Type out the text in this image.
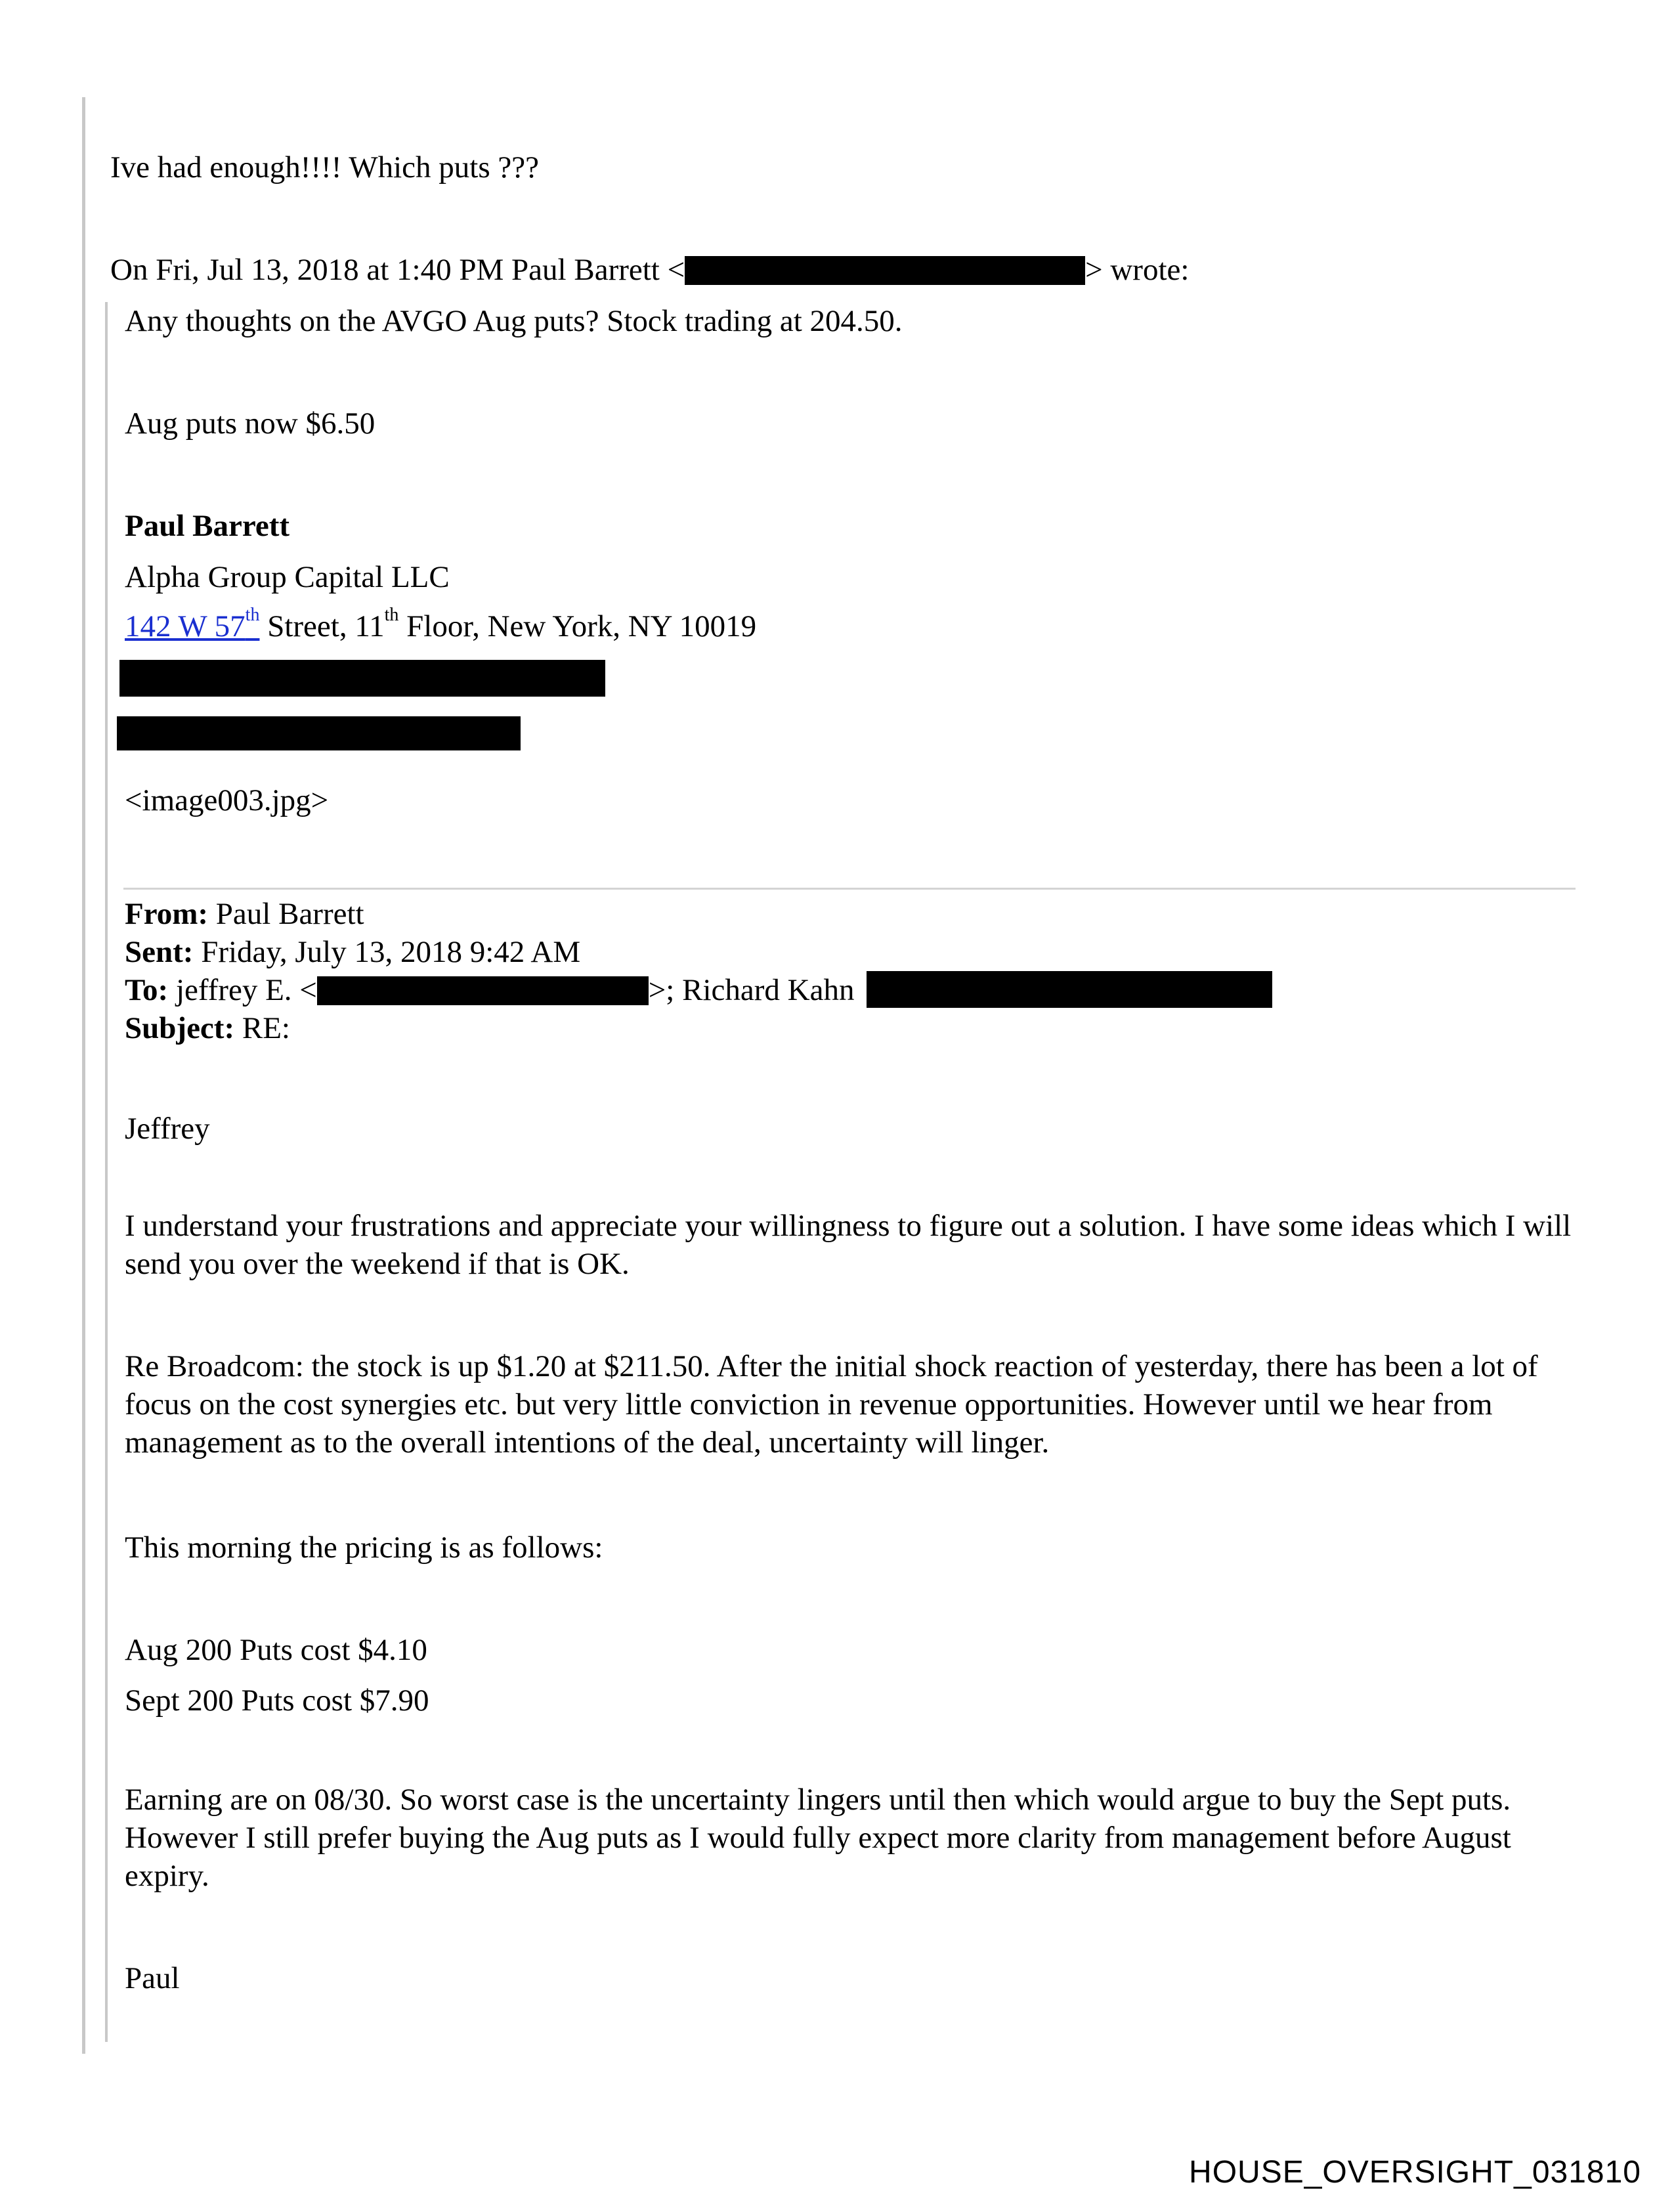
Ive had enough!!!! Which puts ???
On Fri, Jul 13, 2018 at 1:40 PM Paul Barrett <	> wrote:
Any thoughts on the AVGO Aug puts? Stock trading at 204.50.
Aug puts now $6.50
Paul Barrett
Alpha Group Capital LLC
142 W 57th Street, 11th Floor, New York, NY 10019
<image003.jpg>
From: Paul Barrett
Sent: Friday, July 13, 2018 9:42 AM
To: jeffrey E. <	>; Richard Kahn
Subject: RE:
Jeffrey
I understand your frustrations and appreciate your willingness to figure out a solution. I have some ideas which I will send you over the weekend if that is OK.
Re Broadcom: the stock is up $1.20 at $211.50. After the initial shock reaction of yesterday, there has been a lot of focus on the cost synergies etc. but very little conviction in revenue opportunities. However until we hear from management as to the overall intentions of the deal, uncertainty will linger.
This morning the pricing is as follows:
Aug 200 Puts cost $4.10
Sept 200 Puts cost $7.90
Earning are on 08/30. So worst case is the uncertainty lingers until then which would argue to buy the Sept puts. However I still prefer buying the Aug puts as I would fully expect more clarity from management before August expiry.
Paul
HOUSE_OVERSIGHT_031810
